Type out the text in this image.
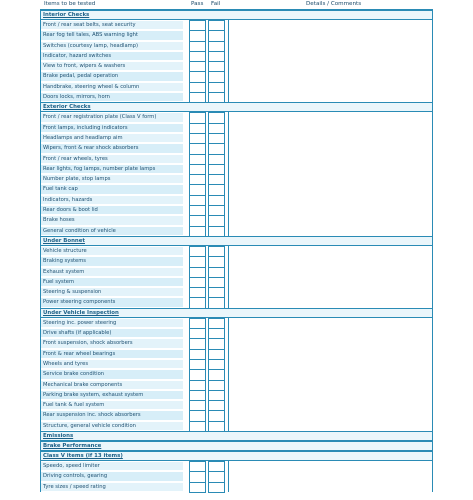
Items to be tested	Pass Fail	Details / Comments
Interior Checks
Front / rear seat belts, seat security
Rear fog tell tales, ABS warning light
Switches (courtesy lamp, headlamp)
Indicator, hazard switches
View to front, wipers & washers
Brake pedal, pedal operation
Handbrake, steering wheel & column
Doors locks, mirrors, horn
Exterior Checks
Front / rear registration plate (Class V form)
Front lamps, including indicators
Headlamps and headlamp aim
Wipers, front & rear shock absorbers
Front / rear wheels, tyres
Rear lights, fog lamps, number plate lamps
Number plate, stop lamps
Fuel tank cap
Indicators, hazards
Rear doors & boot lid
Brake hoses
General condition of vehicle
Under Bonnet
Vehicle structure
Braking systems
Exhaust system
Fuel system
Steering & suspension
Power steering components
Under Vehicle Inspection
Steering inc. power steering
Drive shafts (if applicable)
Front suspension, shock absorbers
Front & rear wheel bearings
Wheels and tyres
Service brake condition
Mechanical brake components
Parking brake system, exhaust system
Fuel tank & fuel system
Rear suspension inc. shock absorbers
Structure, general vehicle condition
Emissions
Brake Performance
Class V items (if 13 items)
Speedo, speed limiter
Driving controls, gearing
Tyre sizes / speed rating
